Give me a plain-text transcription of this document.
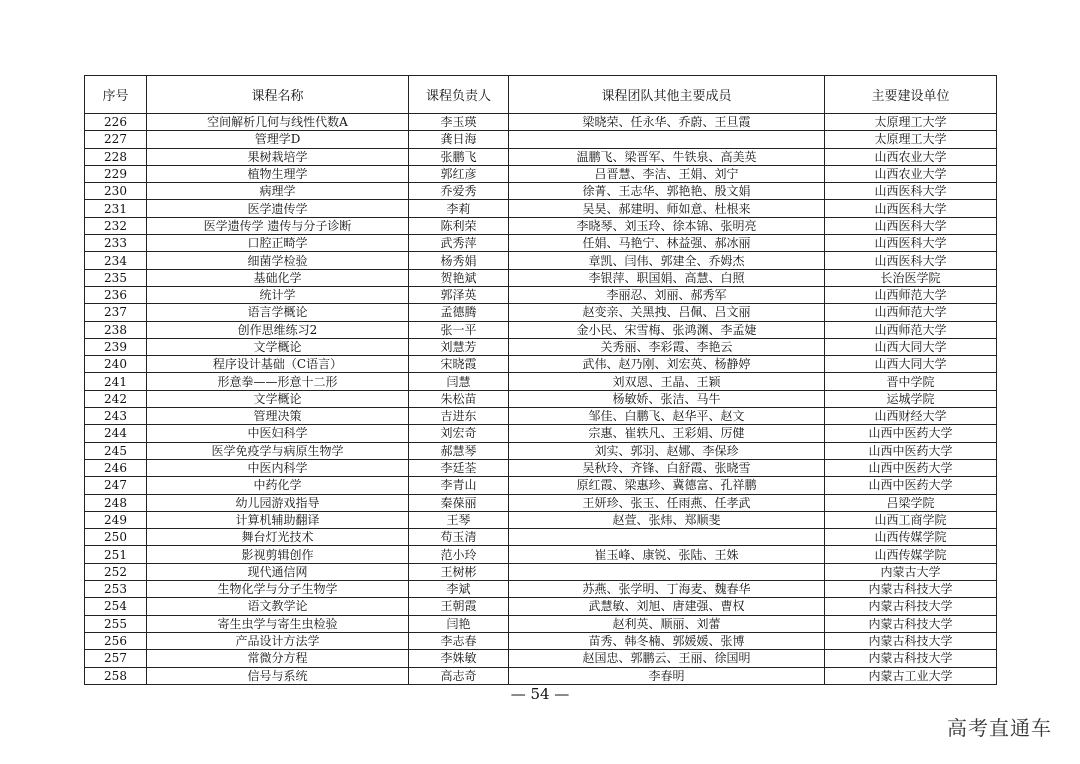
序号	课程名称	课程负责人	课程团队其他主要成员	主要建设单位
226	空间解析几何与线性代数A	李玉瑛	梁晓荣、任永华、乔蔚、王旦霞	太原理工大学
227	管理学D	龚日海		太原理工大学
228	果树栽培学	张鹏飞	温鹏飞、梁晋军、牛铁泉、高美英	山西农业大学
229	植物生理学	郭红彦	吕晋慧、李洁、王娟、刘宁	山西农业大学
230	病理学	乔爱秀	徐菁、王志华、郭艳艳、殷文娟	山西医科大学
231	医学遗传学	李莉	吴昊、郝建明、师如意、杜根来	山西医科大学
232	医学遗传学 遗传与分子诊断	陈利荣	李晓琴、刘玉玲、徐本锦、张明亮	山西医科大学
233	口腔正畸学	武秀萍	任娟、马艳宁、林益强、郝冰丽	山西医科大学
234	细菌学检验	杨秀娟	章凯、闫伟、郭建全、乔姆杰	山西医科大学
235	基础化学	贺艳斌	李银萍、职国娟、高慧、白照	长治医学院
236	统计学	郭泽英	李丽忍、刘丽、郝秀军	山西师范大学
237	语言学概论	孟德腾	赵变亲、关黑拽、吕佩、吕文丽	山西师范大学
238	创作思维练习2	张一平	金小民、宋雪梅、张鸿渊、李孟婕	山西师范大学
239	文学概论	刘慧芳	关秀丽、李彩霞、李艳云	山西大同大学
240	程序设计基础（C语言）	宋晓霞	武伟、赵乃刚、刘宏英、杨静婷	山西大同大学
241	形意拳——形意十二形	闫慧	刘双恩、王晶、王颖	晋中学院
242	文学概论	朱松苗	杨敏娇、张洁、马牛	运城学院
243	管理决策	吉进东	邹佳、白鹏飞、赵华平、赵文	山西财经大学
244	中医妇科学	刘宏奇	宗惠、崔轶凡、王彩娟、厉健	山西中医药大学
245	医学免疫学与病原生物学	郝慧琴	刘实、郭羽、赵娜、李保珍	山西中医药大学
246	中医内科学	李廷荃	吴秋玲、齐锋、白舒霞、张晓雪	山西中医药大学
247	中药化学	李青山	原红霞、梁惠珍、冀德富、孔祥鹏	山西中医药大学
248	幼儿园游戏指导	秦葆丽	王妍珍、张玉、任雨燕、任孝武	吕梁学院
249	计算机辅助翻译	王琴	赵萱、张炜、郑顺斐	山西工商学院
250	舞台灯光技术	苟玉清		山西传媒学院
251	影视剪辑创作	范小玲	崔玉峰、康锐、张陆、王姝	山西传媒学院
252	现代通信网	王树彬		内蒙古大学
253	生物化学与分子生物学	李斌	苏燕、张学明、丁海麦、魏春华	内蒙古科技大学
254	语文教学论	王朝霞	武慧敏、刘旭、唐建强、曹权	内蒙古科技大学
255	寄生虫学与寄生虫检验	闫艳	赵利英、顺丽、刘蕾	内蒙古科技大学
256	产品设计方法学	李志春	苗秀、韩冬楠、郭媛媛、张博	内蒙古科技大学
257	常微分方程	李姝敏	赵国忠、郭鹏云、王丽、徐国明	内蒙古科技大学
258	信号与系统	高志奇	李春明	内蒙古工业大学
— 54 —
高考直通车
